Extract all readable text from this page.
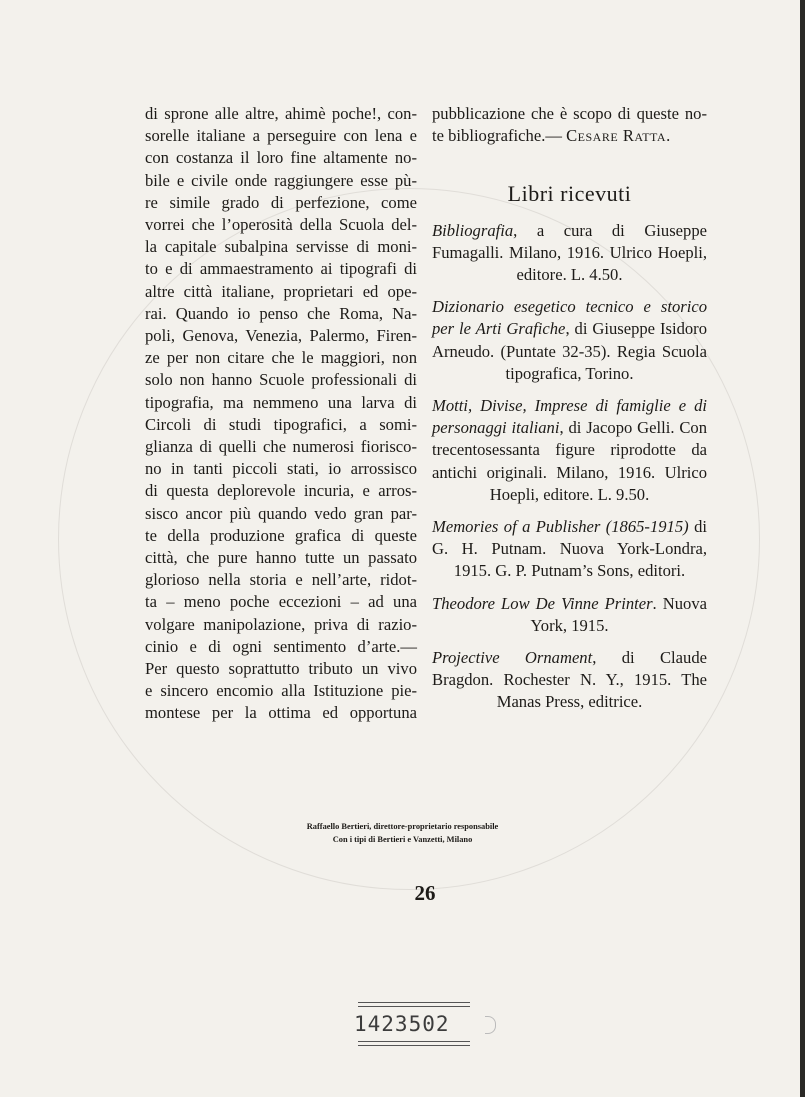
di sprone alle altre, ahimè poche!, con-

sorelle italiane a perseguire con lena e

con costanza il loro fine altamente no-

bile e civile onde raggiungere esse pù-

re simile grado di perfezione, come

vorrei che l’operosità della Scuola del-

la capitale subalpina servisse di moni-

to e di ammaestramento ai tipografi di

altre città italiane, proprietari ed ope-

rai. Quando io penso che Roma, Na-

poli, Genova, Venezia, Palermo, Firen-

ze per non citare che le maggiori, non

solo non hanno Scuole professionali di

tipografia, ma nemmeno una larva di

Circoli di studi tipografici, a somi-

glianza di quelli che numerosi fiorisco-

no in tanti piccoli stati, io arrossisco

di questa deplorevole incuria, e arros-

sisco ancor più quando vedo gran par-

te della produzione grafica di queste

città, che pure hanno tutte un passato

glorioso nella storia e nell’arte, ridot-

ta – meno poche eccezioni – ad una

volgare manipolazione, priva di razio-

cinio e di ogni sentimento d’arte.—

Per questo soprattutto tributo un vivo

e sincero encomio alla Istituzione pie-

montese per la ottima ed opportuna

pubblicazione che è scopo di queste no-
te bibliografiche.— Cesare Ratta.
Libri ricevuti

Bibliografia, a cura di Giuseppe Fumagalli. Milano, 1916. Ulrico Hoepli, editore. L. 4.50.

Dizionario esegetico tecnico e storico per le Arti Grafiche, di Giuseppe Isidoro Arneudo. (Puntate 32-35). Regia Scuola tipografica, Torino.

Motti, Divise, Imprese di famiglie e di personaggi italiani, di Jacopo Gelli. Con trecentosessanta figure riprodotte da antichi originali. Milano, 1916. Ulrico Hoepli, editore. L. 9.50.

Memories of a Publisher (1865-1915) di G. H. Putnam. Nuova York-Londra, 1915. G. P. Putnam’s Sons, editori.

Theodore Low De Vinne Printer. Nuova York, 1915.

Projective Ornament, di Claude Bragdon. Rochester N. Y., 1915. The Manas Press, editrice.

Raffaello Bertieri, direttore-proprietario responsabile
Con i tipi di Bertieri e Vanzetti, Milano
26
1423502
